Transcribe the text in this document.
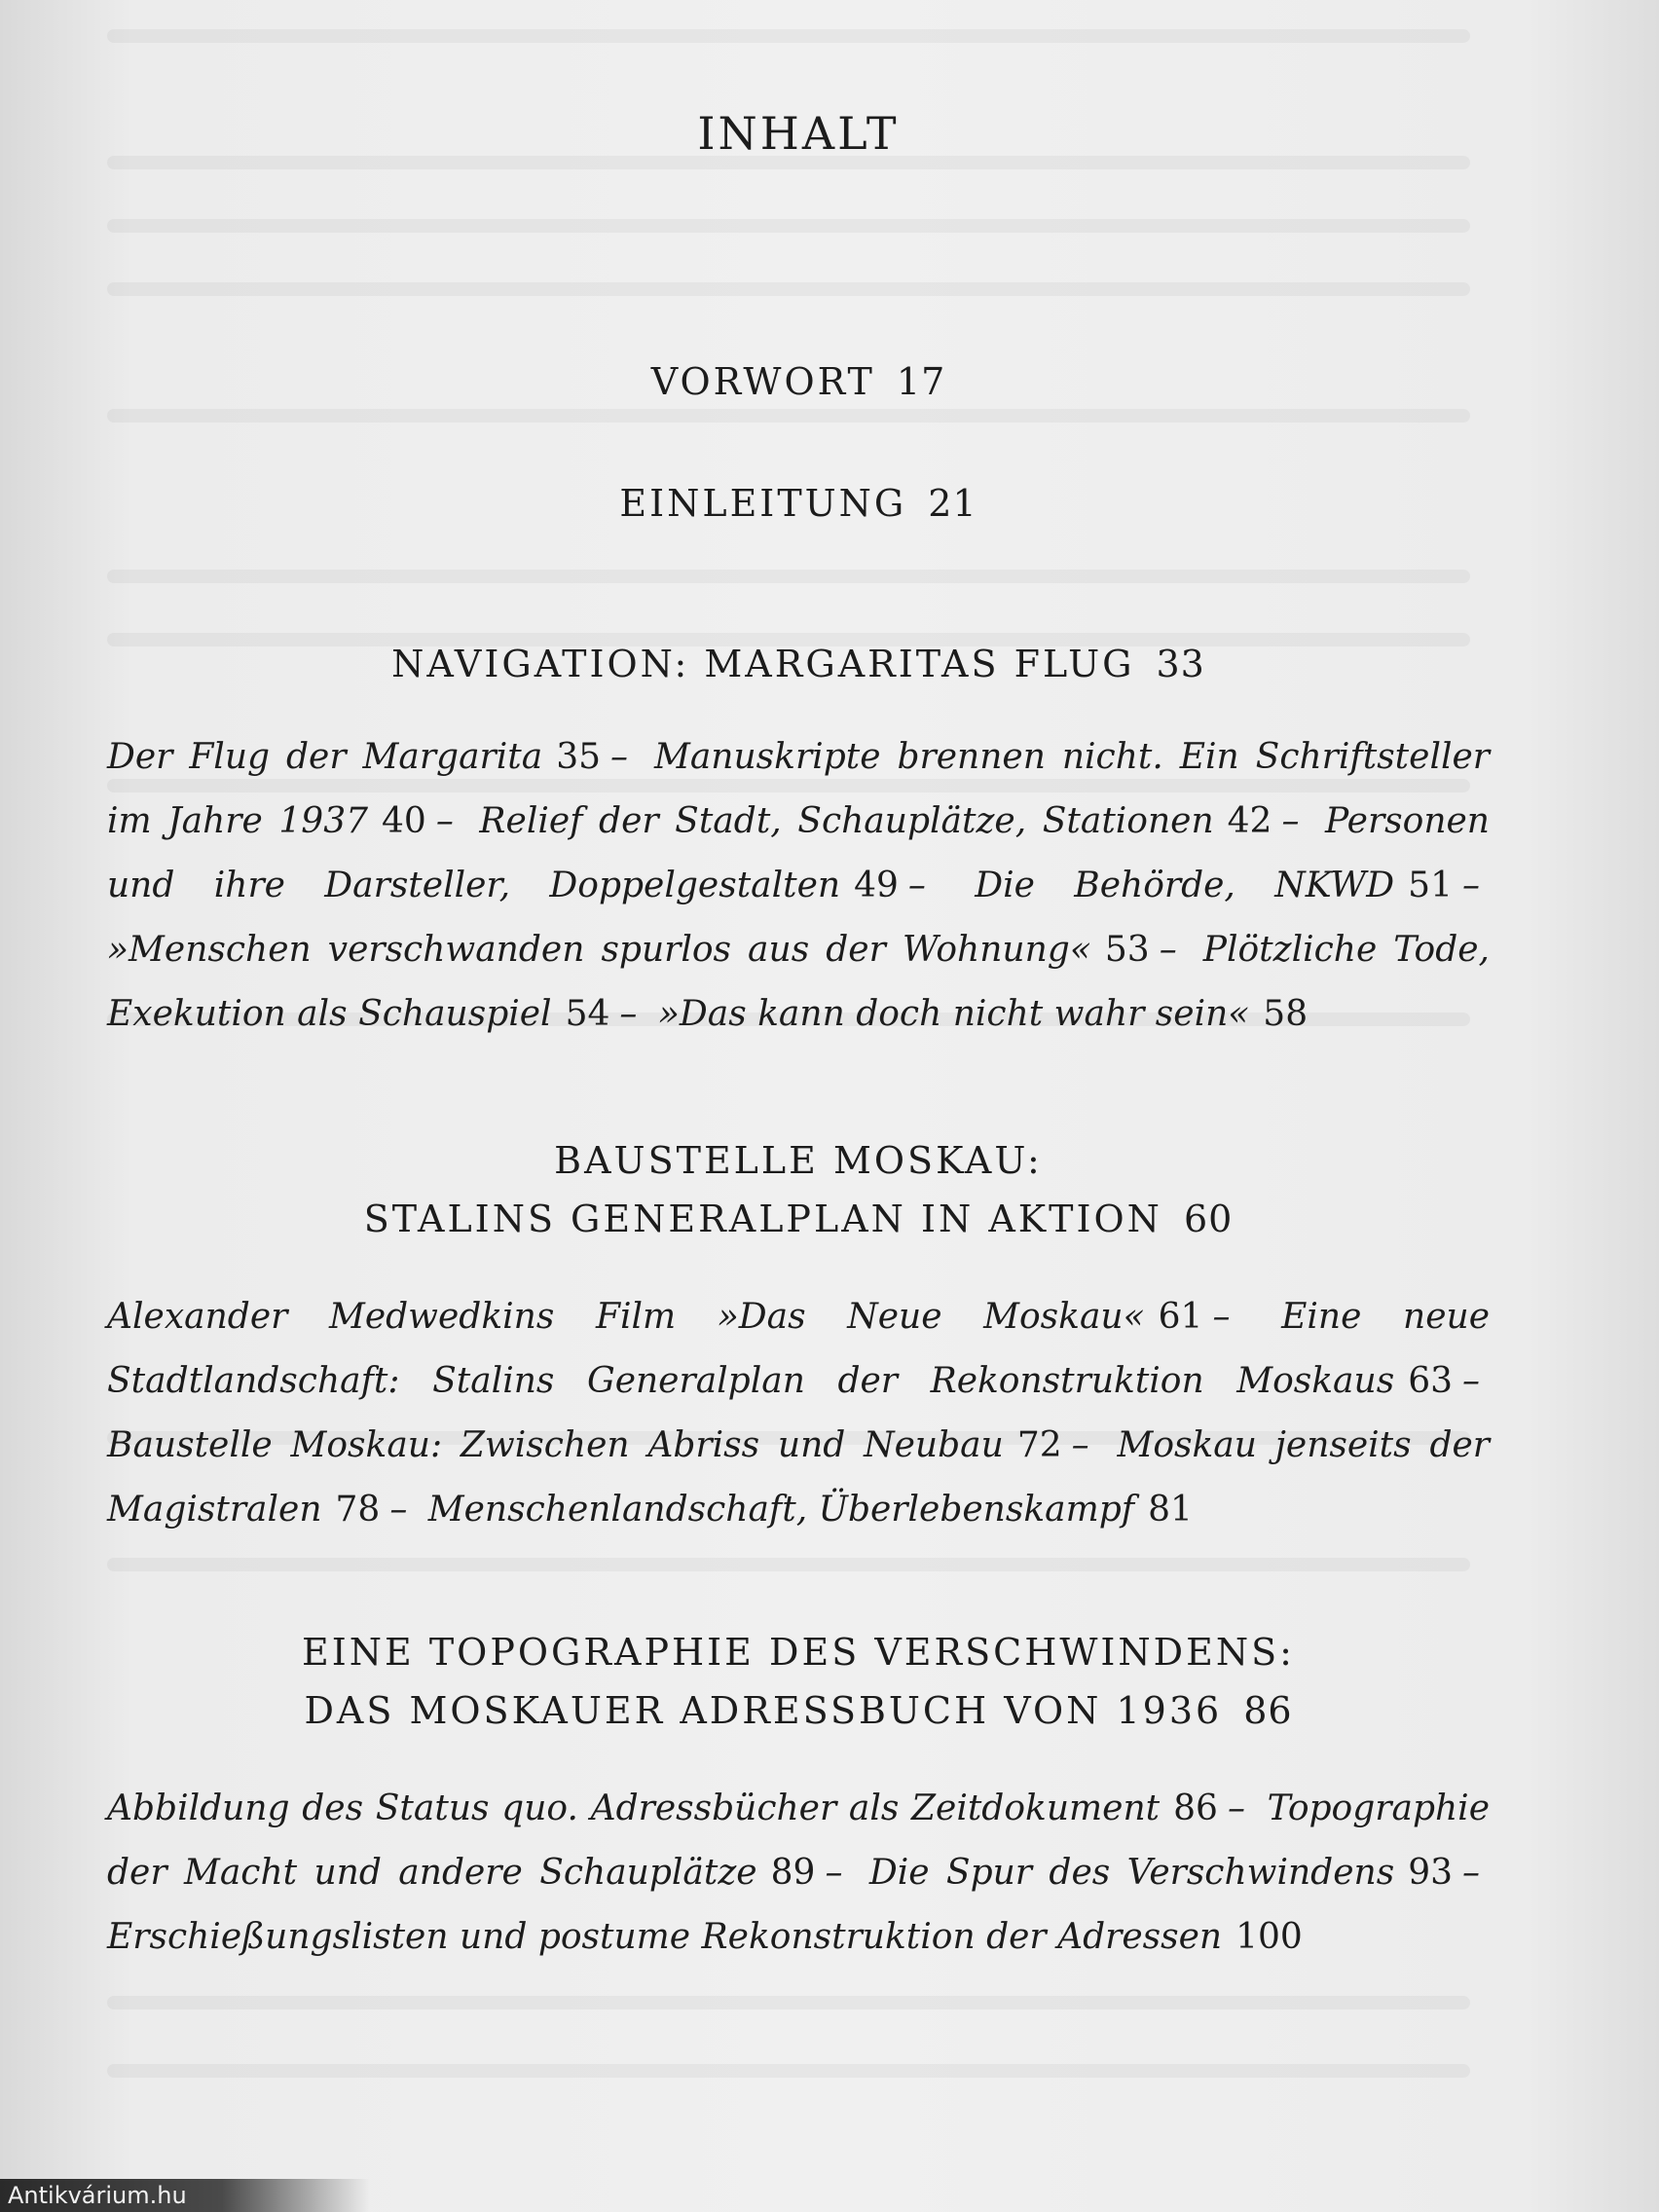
INHALT
VORWORT 17
EINLEITUNG 21
NAVIGATION: MARGARITAS FLUG 33
Der Flug der Margarita 35 – Manuskripte brennen nicht. Ein Schriftsteller im Jahre 1937 40 – Relief der Stadt, Schauplätze, Stationen 42 – Personen und ihre Darsteller, Doppelgestalten 49 – Die Behörde, NKWD 51 – »Menschen verschwanden spurlos aus der Wohnung« 53 – Plötzliche Tode, Exekution als Schauspiel 54 – »Das kann doch nicht wahr sein« 58
BAUSTELLE MOSKAU:
STALINS GENERALPLAN IN AKTION 60
Alexander Medwedkins Film »Das Neue Moskau« 61 – Eine neue Stadtlandschaft: Stalins Generalplan der Rekonstruktion Moskaus 63 – Baustelle Moskau: Zwischen Abriss und Neubau 72 – Moskau jenseits der Magistralen 78 – Menschenlandschaft, Überlebenskampf 81
EINE TOPOGRAPHIE DES VERSCHWINDENS:
DAS MOSKAUER ADRESSBUCH VON 1936 86
Abbildung des Status quo. Adressbücher als Zeitdokument 86 – Topographie der Macht und andere Schauplätze 89 – Die Spur des Verschwindens 93 – Erschießungslisten und postume Rekonstruktion der Adressen 100
Antikvárium.hu
